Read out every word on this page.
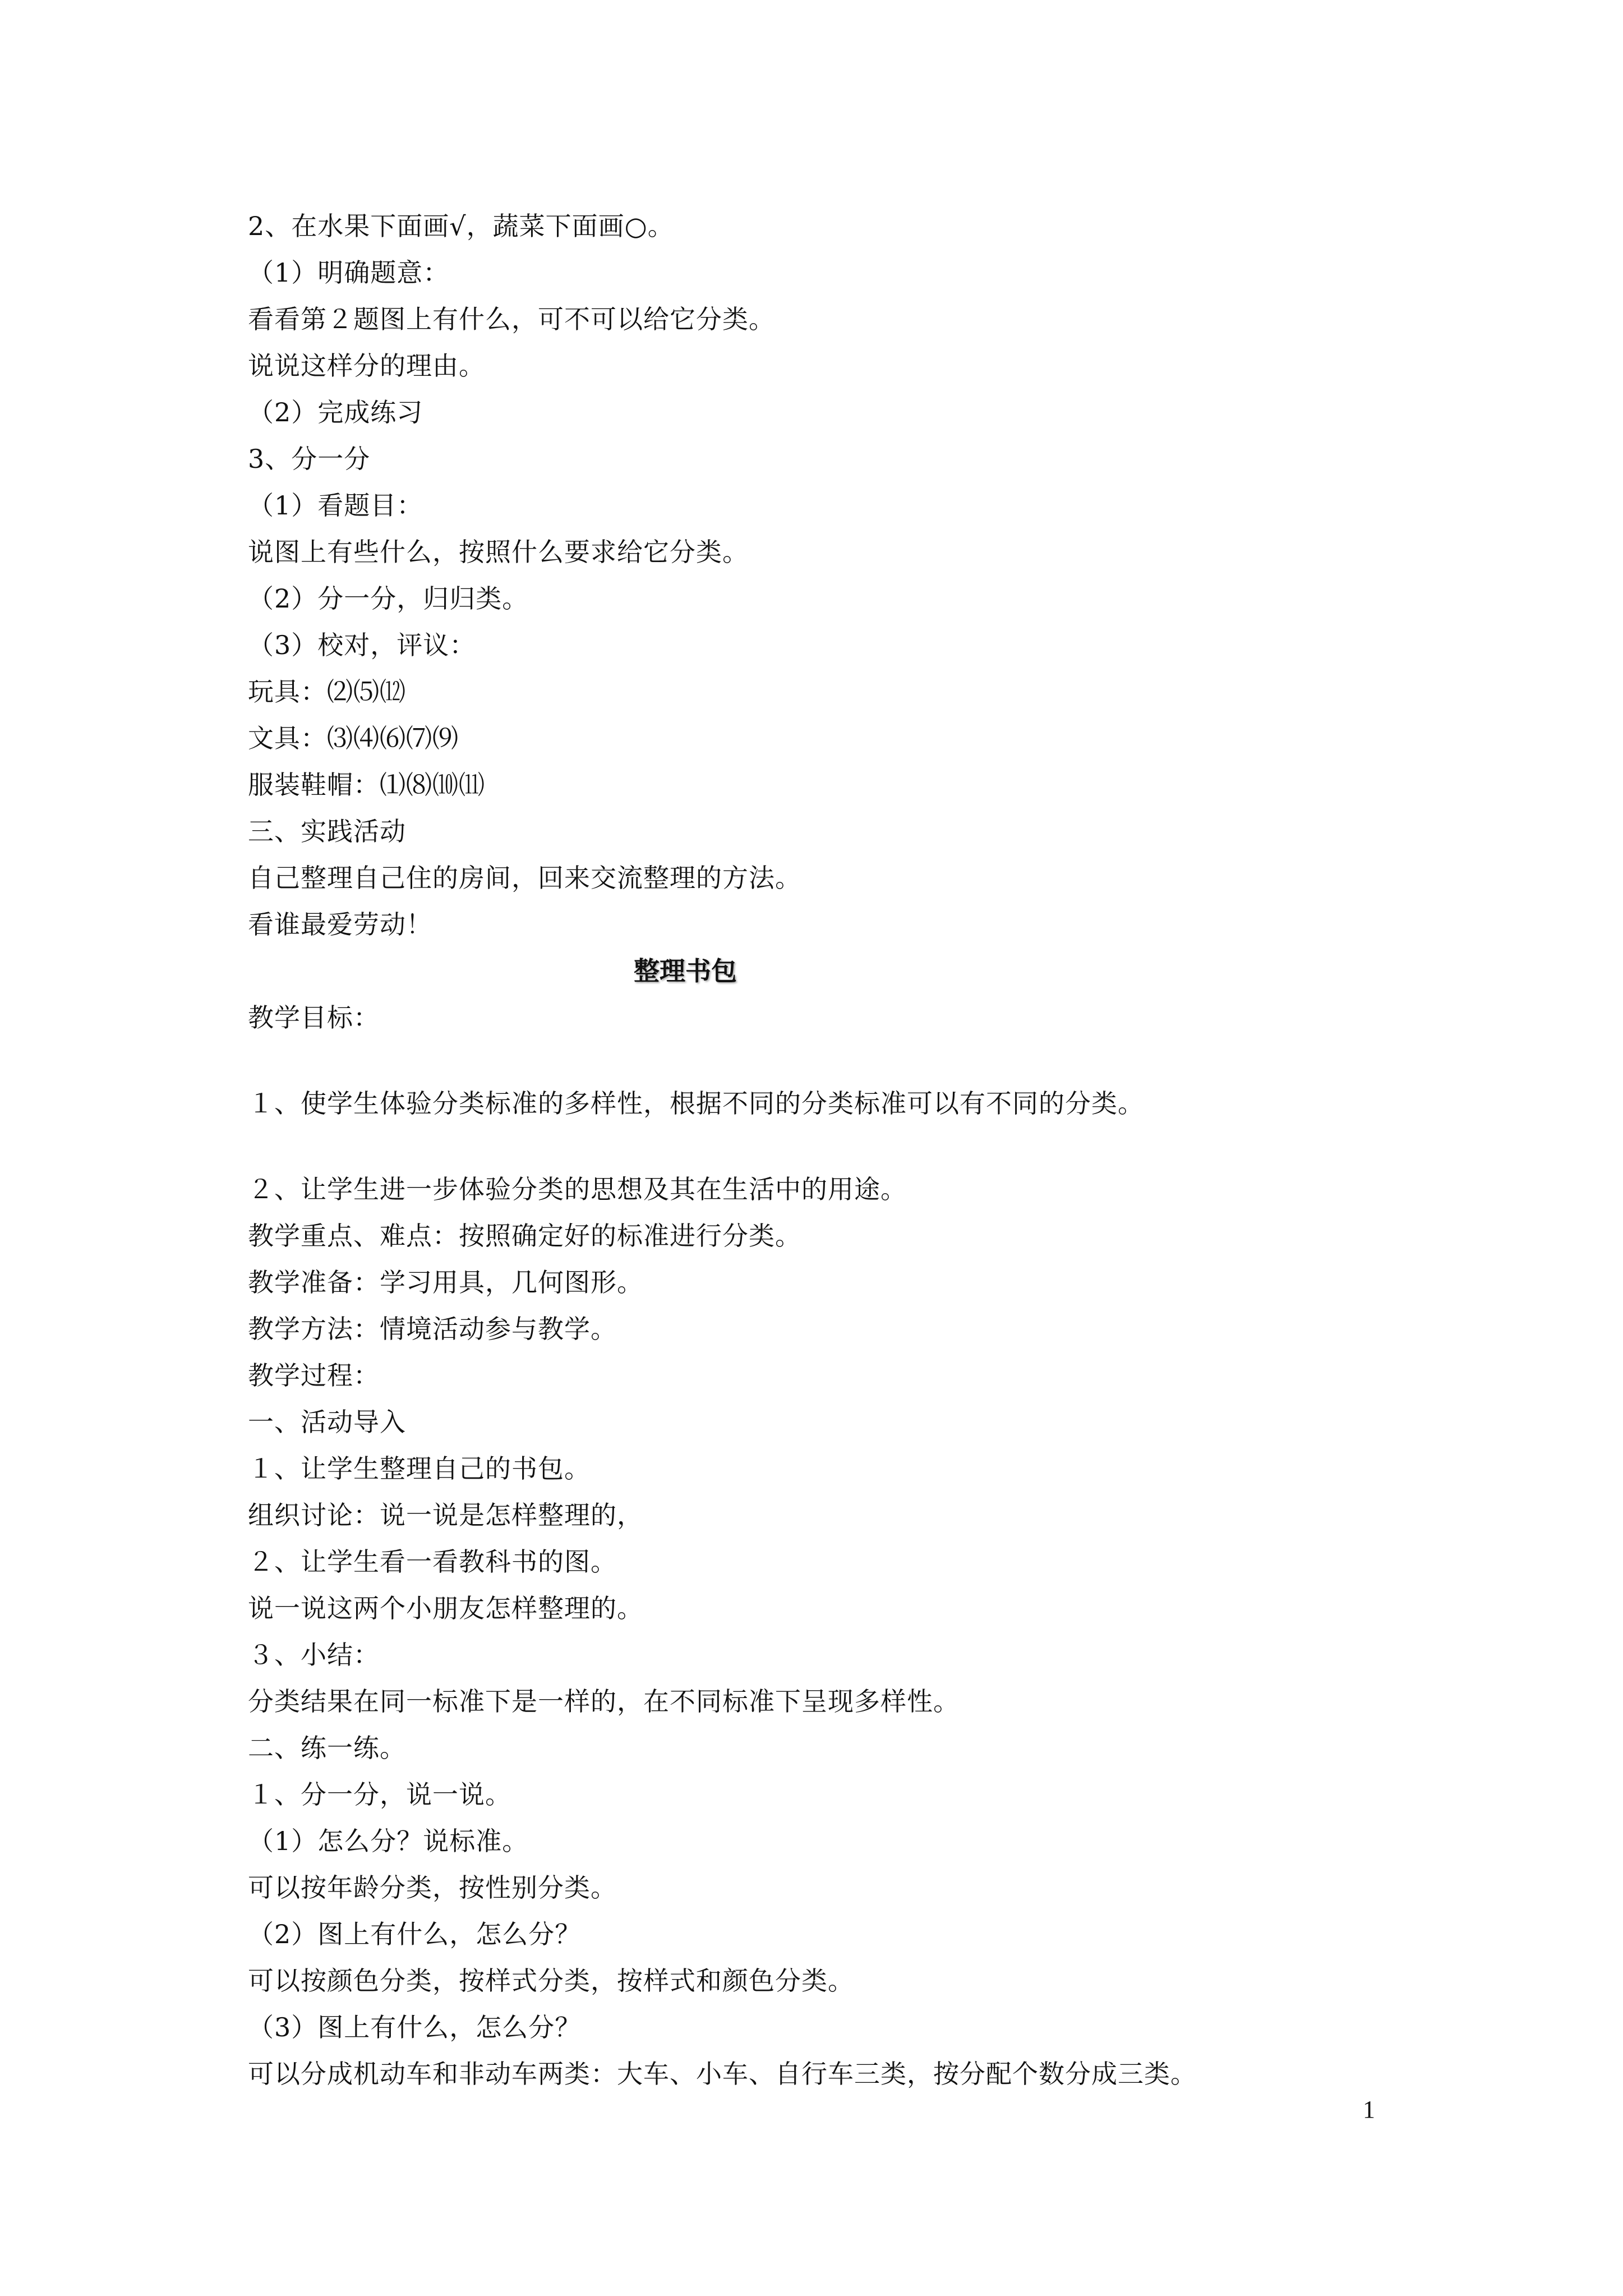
2、在水果下面画√，蔬菜下面画○。
（1）明确题意：
看看第２题图上有什么，可不可以给它分类。
说说这样分的理由。
（2）完成练习
3、分一分
（1）看题目：
说图上有些什么，按照什么要求给它分类。
（2）分一分，归归类。
（3）校对，评议：
玩具：⑵⑸⑿
文具：⑶⑷⑹⑺⑼
服装鞋帽：⑴⑻⑽⑾
三、实践活动
自己整理自己住的房间，回来交流整理的方法。
看谁最爱劳动！
整理书包
教学目标：
１、使学生体验分类标准的多样性，根据不同的分类标准可以有不同的分类。
２、让学生进一步体验分类的思想及其在生活中的用途。
教学重点、难点：按照确定好的标准进行分类。
教学准备：学习用具，几何图形。
教学方法：情境活动参与教学。
教学过程：
一、活动导入
１、让学生整理自己的书包。
组织讨论：说一说是怎样整理的，
２、让学生看一看教科书的图。
说一说这两个小朋友怎样整理的。
３、小结：
分类结果在同一标准下是一样的，在不同标准下呈现多样性。
二、练一练。
１、分一分，说一说。
（1）怎么分？说标准。
可以按年龄分类，按性别分类。
（2）图上有什么，怎么分？
可以按颜色分类，按样式分类，按样式和颜色分类。
（3）图上有什么，怎么分？
可以分成机动车和非动车两类：大车、小车、自行车三类，按分配个数分成三类。
1
